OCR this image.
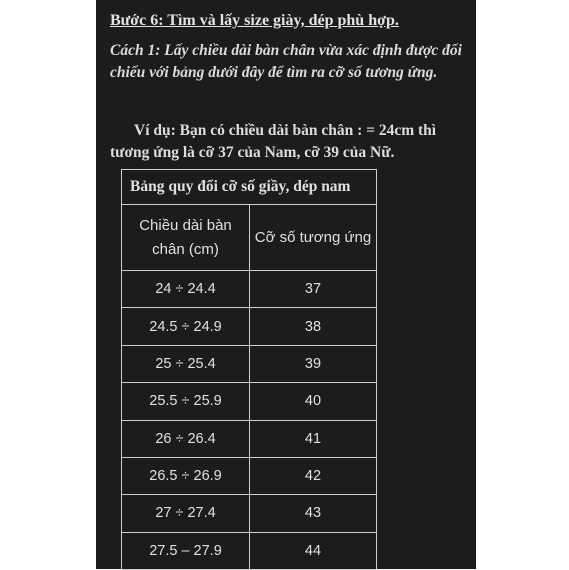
Bước 6: Tìm và lấy size giày, dép phù hợp.

Cách 1: Lấy chiều dài bàn chân vừa xác định được đối chiếu với bảng dưới đây để tìm ra cỡ số tương ứng.

Ví dụ: Bạn có chiều dài bàn chân : = 24cm thì tương ứng là cỡ 37 của Nam, cỡ 39 của Nữ.

Bảng quy đổi cỡ số giầy, dép nam	
Chiều dài bàn chân (cm)	Cỡ số tương ứng
24 ÷ 24.4	37
24.5 ÷ 24.9	38
25 ÷ 25.4	39
25.5 ÷ 25.9	40
26 ÷ 26.4	41
26.5 ÷ 26.9	42
27 ÷ 27.4	43
27.5 – 27.9	44
